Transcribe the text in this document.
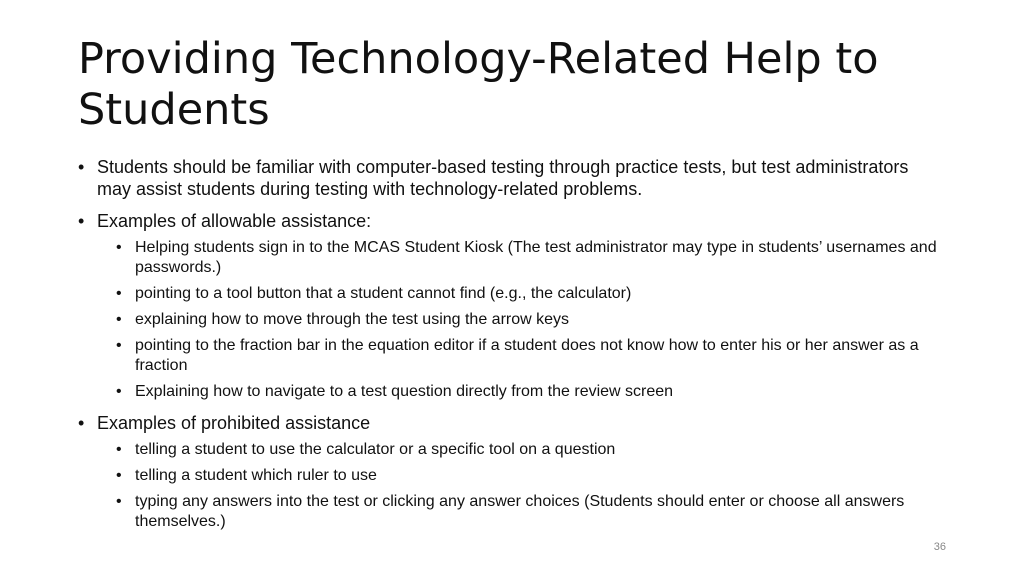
Providing Technology-Related Help to Students
• Students should be familiar with computer-based testing through practice tests, but test administrators may assist students during testing with technology-related problems.
• Examples of allowable assistance:
• Helping students sign in to the MCAS Student Kiosk (The test administrator may type in students’ usernames and passwords.)
• pointing to a tool button that a student cannot find (e.g., the calculator)
• explaining how to move through the test using the arrow keys
• pointing to the fraction bar in the equation editor if a student does not know how to enter his or her answer as a fraction
• Explaining how to navigate to a test question directly from the review screen
• Examples of prohibited assistance
• telling a student to use the calculator or a specific tool on a question
• telling a student which ruler to use
• typing any answers into the test or clicking any answer choices (Students should enter or choose all answers themselves.)
36
